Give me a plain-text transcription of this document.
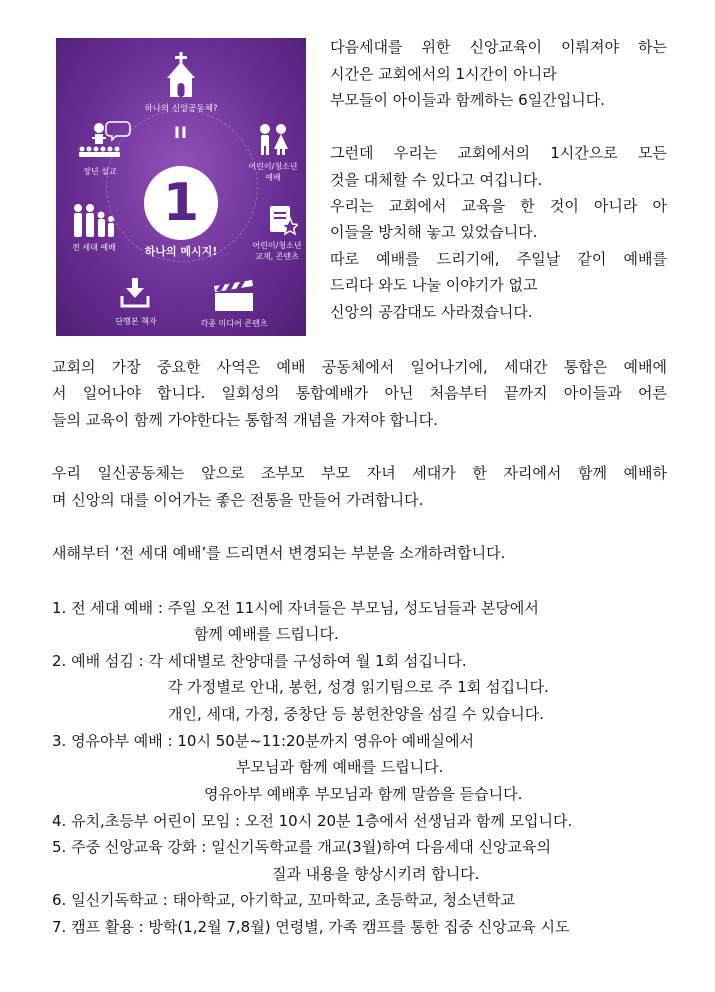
하나의 신앙공동체?
II
장년 설교
어린이/청소년
예배
전 세대 예배	어린이/청소년
교재, 콘텐츠
1
하나의 메시지!
단행본 책자	각종 미디어 콘텐츠
다음세대를 위한 신앙교육이 이뤄져야 하는
시간은 교회에서의 1시간이 아니라
부모들이 아이들과 함께하는 6일간입니다.
그런데 우리는 교회에서의 1시간으로 모든
것을 대체할 수 있다고 여깁니다.
우리는 교회에서 교육을 한 것이 아니라 아
이들을 방치해 놓고 있었습니다.
따로 예배를 드리기에, 주일날 같이 예배를
드리다 와도 나눌 이야기가 없고
신앙의 공감대도 사라졌습니다.
교회의 가장 중요한 사역은 예배 공동체에서 일어나기에, 세대간 통합은 예배에
서 일어나야 합니다. 일회성의 통합예배가 아닌 처음부터 끝까지 아이들과 어른
들의 교육이 함께 가야한다는 통합적 개념을 가져야 합니다.
우리 일신공동체는 앞으로 조부모 부모 자녀 세대가 한 자리에서 함께 예배하
며 신앙의 대를 이어가는 좋은 전통을 만들어 가려합니다.
새해부터 ‘전 세대 예배’를 드리면서 변경되는 부분을 소개하려합니다.
1. 전 세대 예배 : 주일 오전 11시에 자녀들은 부모님, 성도님들과 본당에서
함께 예배를 드립니다.
2. 예배 섬김 : 각 세대별로 찬양대를 구성하여 월 1회 섬깁니다.
각 가정별로 안내, 봉헌, 성경 읽기팀으로 주 1회 섬깁니다.
개인, 세대, 가정, 중창단 등 봉헌찬양을 섬길 수 있습니다.
3. 영유아부 예배 : 10시 50분~11:20분까지 영유아 예배실에서
부모님과 함께 예배를 드립니다.
영유아부 예배후 부모님과 함께 말씀을 듣습니다.
4. 유치,초등부 어린이 모임 : 오전 10시 20분 1층에서 선생님과 함께 모입니다.
5. 주중 신앙교육 강화 : 일신기독학교를 개교(3월)하여 다음세대 신앙교육의
질과 내용을 향상시키려 합니다.
6. 일신기독학교 : 태아학교, 아기학교, 꼬마학교, 초등학교, 청소년학교
7. 캠프 활용 : 방학(1,2월 7,8월) 연령별, 가족 캠프를 통한 집중 신앙교육 시도
